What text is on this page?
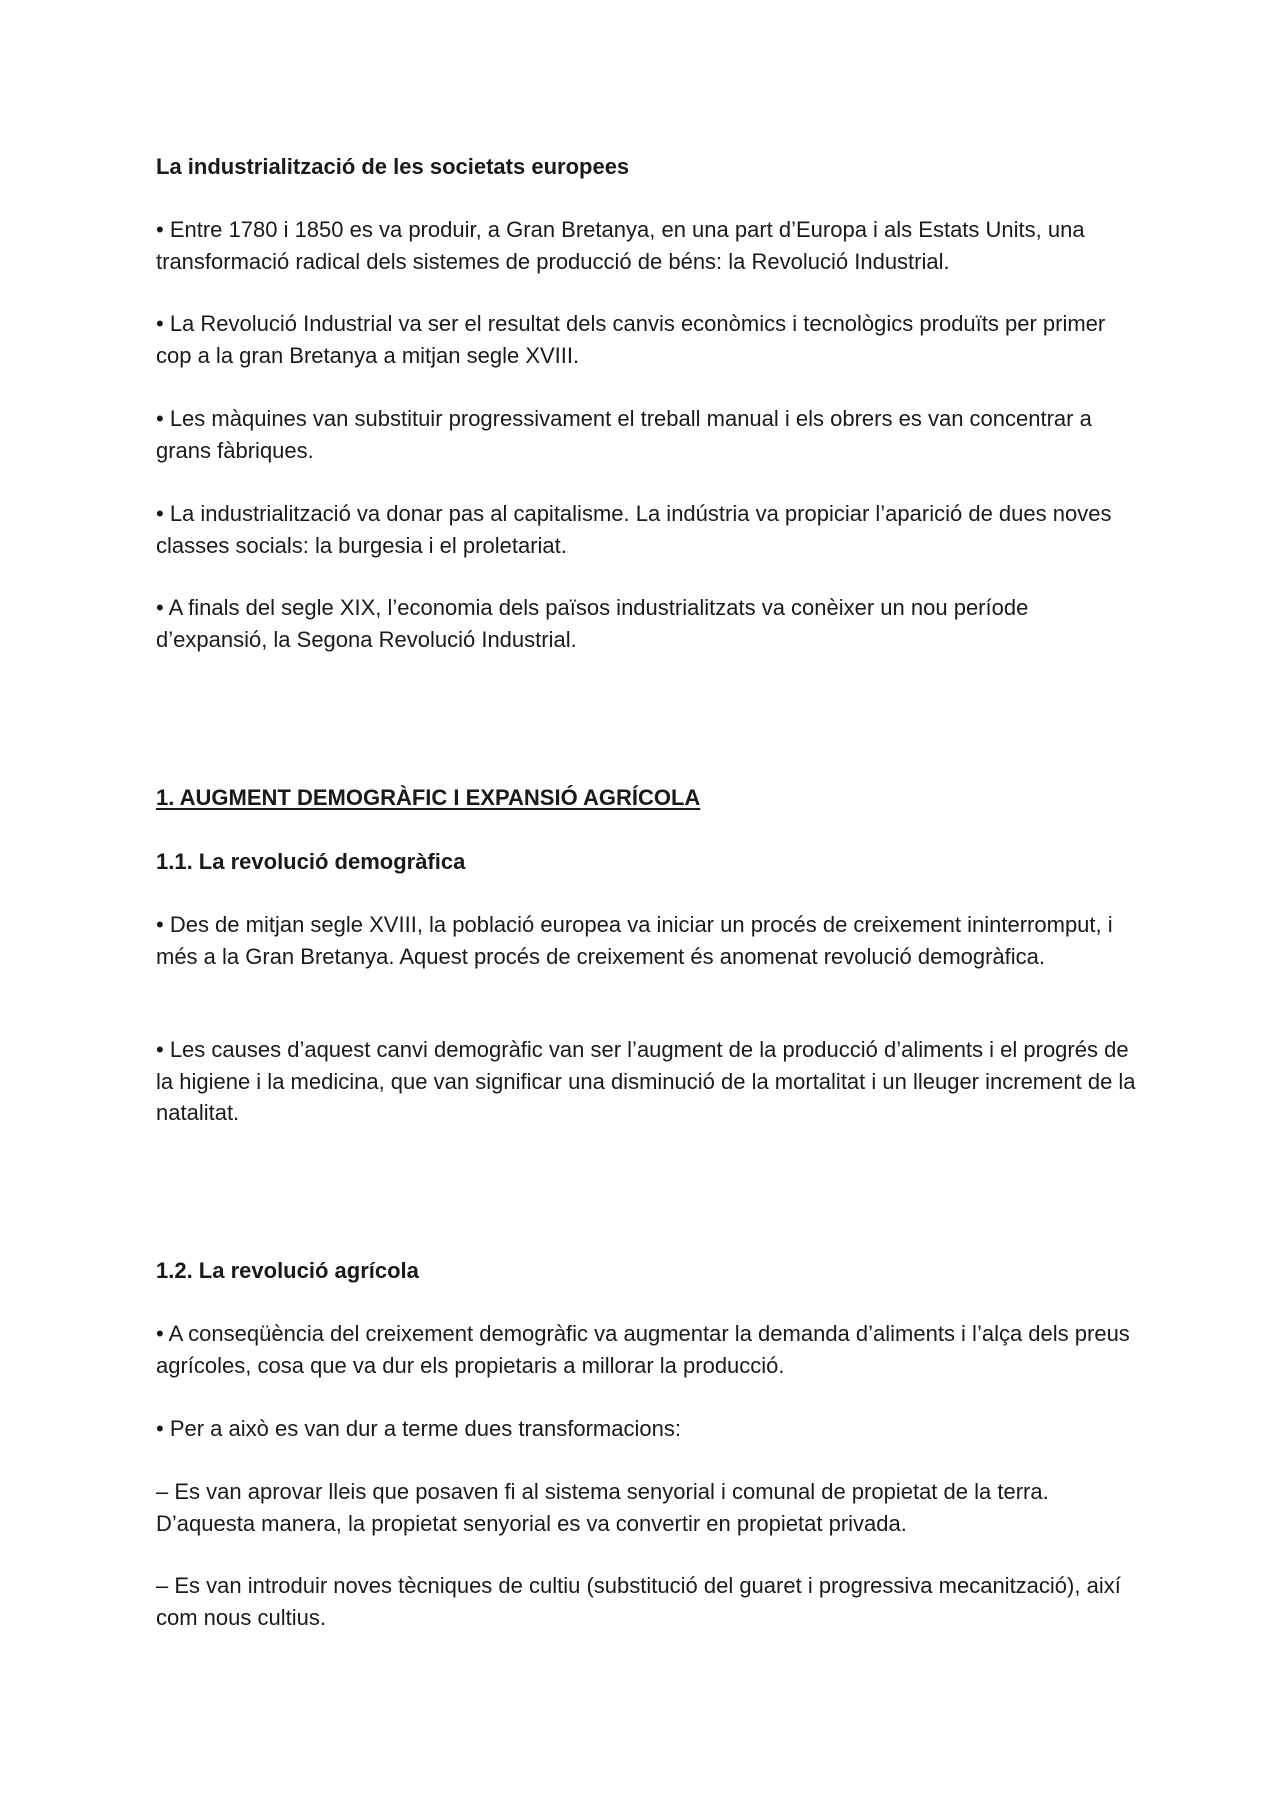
La industrialització de les societats europees

• Entre 1780 i 1850 es va produir, a Gran Bretanya, en una part d’Europa i als Estats Units, una transformació radical dels sistemes de producció de béns: la Revolució Industrial.

• La Revolució Industrial va ser el resultat dels canvis econòmics i tecnològics produïts per primer cop a la gran Bretanya a mitjan segle XVIII.

• Les màquines van substituir progressivament el treball manual i els obrers es van concentrar a grans fàbriques.

• La industrialització va donar pas al capitalisme. La indústria va propiciar l’aparició de dues noves classes socials: la burgesia i el proletariat.

• A finals del segle XIX, l’economia dels països industrialitzats va conèixer un nou període d’expansió, la Segona Revolució Industrial.

1. AUGMENT DEMOGRÀFIC I EXPANSIÓ AGRÍCOLA
1.1. La revolució demogràfica

• Des de mitjan segle XVIII, la població europea va iniciar un procés de creixement ininterromput, i més a la Gran Bretanya. Aquest procés de creixement és anomenat revolució demogràfica.

• Les causes d’aquest canvi demogràfic van ser l’augment de la producció d’aliments i el progrés de la higiene i la medicina, que van significar una disminució de la mortalitat i un lleuger increment de la natalitat.

1.2. La revolució agrícola

• A conseqüència del creixement demogràfic va augmentar la demanda d’aliments i l’alça dels preus agrícoles, cosa que va dur els propietaris a millorar la producció.

• Per a això es van dur a terme dues transformacions:

– Es van aprovar lleis que posaven fi al sistema senyorial i comunal de propietat de la terra. D’aquesta manera, la propietat senyorial es va convertir en propietat privada.

– Es van introduir noves tècniques de cultiu (substitució del guaret i progressiva mecanització), així com nous cultius.
